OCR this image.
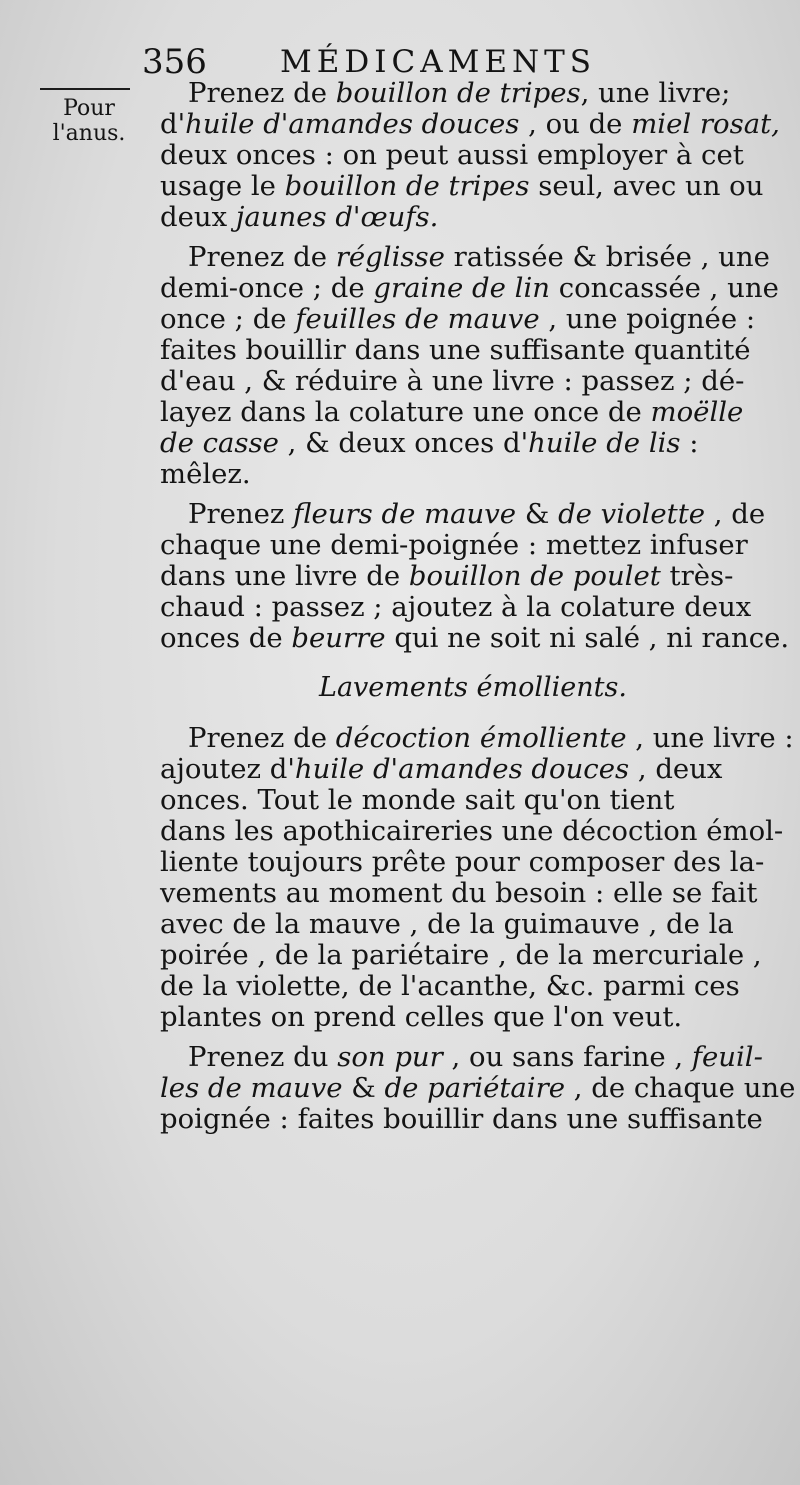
356 MÉDICAMENTS
Pour
l'anus.
Prenez de bouillon de tripes, une livre;
d'huile d'amandes douces , ou de miel rosat,
deux onces : on peut aussi employer à cet
usage le bouillon de tripes seul, avec un ou
deux jaunes d'œufs.
Prenez de réglisse ratissée & brisée , une
demi-once ; de graine de lin concassée , une
once ; de feuilles de mauve , une poignée :
faites bouillir dans une suffisante quantité
d'eau , & réduire à une livre : passez ; dé-
layez dans la colature une once de moëlle
de casse , & deux onces d'huile de lis :
mêlez.
Prenez fleurs de mauve & de violette , de
chaque une demi-poignée : mettez infuser
dans une livre de bouillon de poulet très-
chaud : passez ; ajoutez à la colature deux
onces de beurre qui ne soit ni salé , ni rance.
Lavements émollients.
Prenez de décoction émolliente , une livre :
ajoutez d'huile d'amandes douces , deux
onces. Tout le monde sait qu'on tient
dans les apothicaireries une décoction émol-
liente toujours prête pour composer des la-
vements au moment du besoin : elle se fait
avec de la mauve , de la guimauve , de la
poirée , de la pariétaire , de la mercuriale ,
de la violette, de l'acanthe, &c. parmi ces
plantes on prend celles que l'on veut.
Prenez du son pur , ou sans farine , feuil-
les de mauve & de pariétaire , de chaque une
poignée : faites bouillir dans une suffisante
